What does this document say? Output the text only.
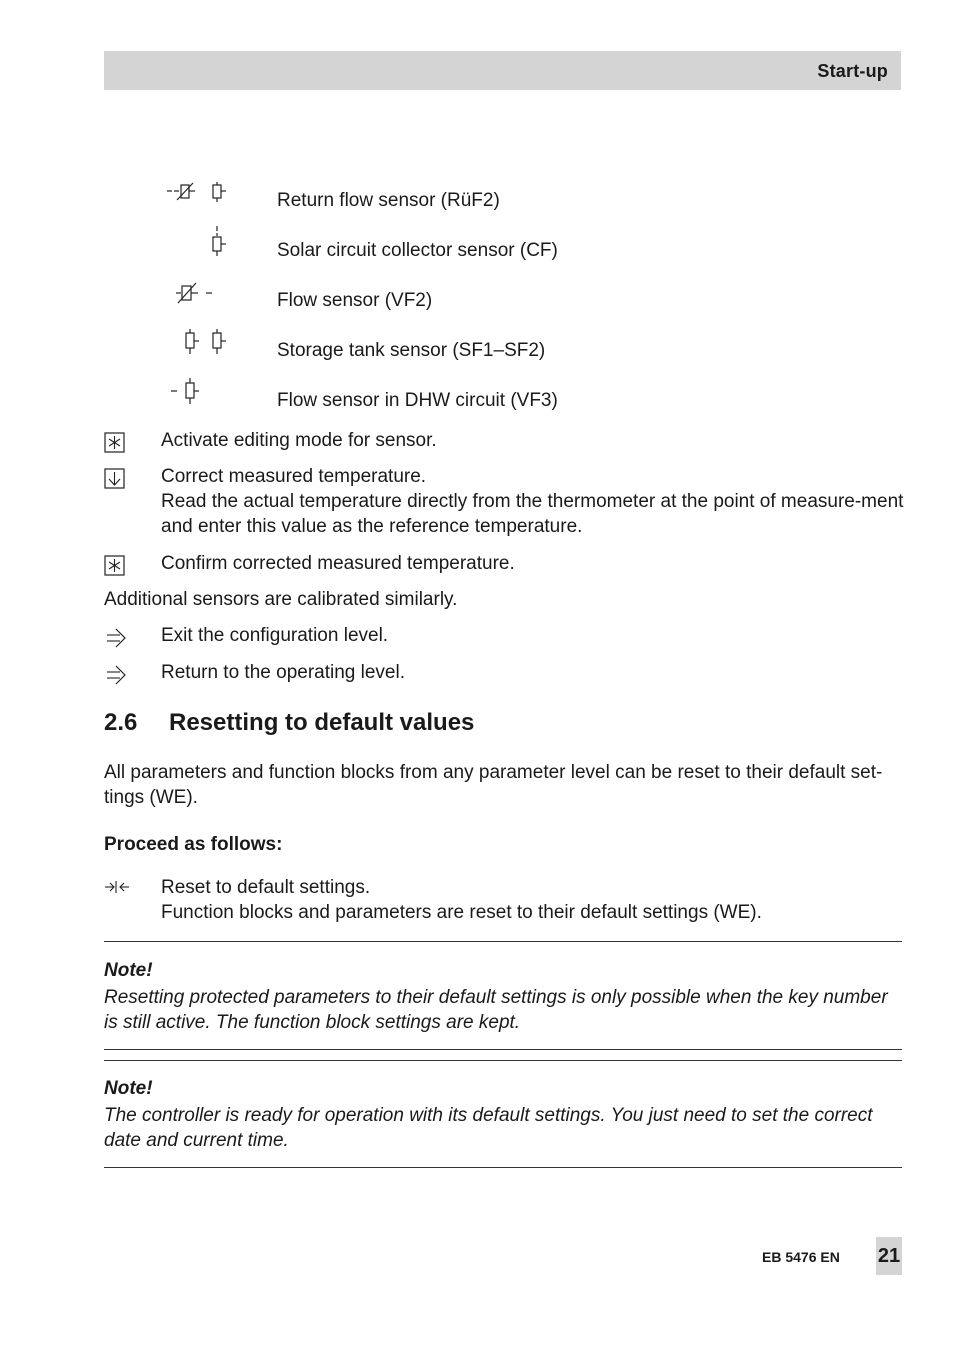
Start-up
Return flow sensor (RüF2)
Solar circuit collector sensor (CF)
Flow sensor (VF2)
Storage tank sensor (SF1–SF2)
Flow sensor in DHW circuit (VF3)
Activate editing mode for sensor.
Correct measured temperature.
Read the actual temperature directly from the thermometer at the point of measure-ment and enter this value as the reference temperature.
Confirm corrected measured temperature.
Additional sensors are calibrated similarly.
Exit the configuration level.
Return to the operating level.
2.6 Resetting to default values
All parameters and function blocks from any parameter level can be reset to their default set-tings (WE).
Proceed as follows:
Reset to default settings.
Function blocks and parameters are reset to their default settings (WE).
Note!
Resetting protected parameters to their default settings is only possible when the key number is still active. The function block settings are kept.
Note!
The controller is ready for operation with its default settings. You just need to set the correct date and current time.
EB 5476 EN 21
